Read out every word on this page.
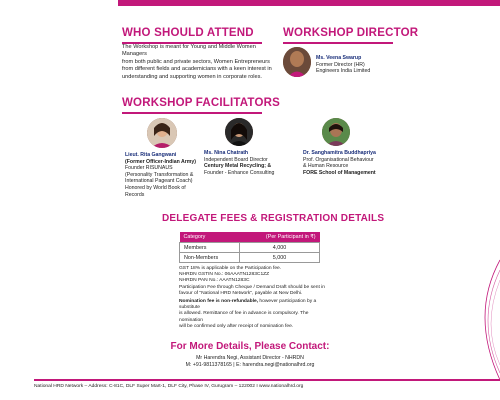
WHO SHOULD ATTEND
The Workshop is meant for Young and Middle Women Managers
from both public and private sectors, Women Entrepreneurs
from different fields and academicians with a keen interest in
understanding and supporting women in corporate roles.
WORKSHOP DIRECTOR
Ms. Veena Swarup
Former Director (HR)
Engineers India Limited
WORKSHOP FACILITATORS
Lieut. Rita Gangwani
(Former Officer-Indian Army)
Founder RISUNAUS
(Personality Transformation &
International Pageant Coach)
Honored by World Book of Records
Ms. Nina Chatrath
Independent Board Director
Century Metal Recycling; &
Founder - Enhance Consulting
Dr. Sanghamitra Buddhapriya
Prof. Organisational Behaviour
& Human Resource
FORE School of Management
DELEGATE FEES & REGISTRATION DETAILS
Category	(Per Participant in ₹)
Members	4,000
Non-Members	5,000
GST 18% is applicable on the Participation fee.
NHRDN GSTIN No.: 06AAATN1283C1ZZ
NHRDN PAN No.: AAATN1283C
Participation Fee through Cheque / Demand Draft should be sent in
favour of "National HRD Network", payable at New Delhi.
Nomination fee is non-refundable, however participation by a substitute
is allowed. Remittance of fee in advance is compulsory. The nomination
will be confirmed only after receipt of nomination fee.
For More Details, Please Contact:
Mr Harendra Negi, Assistant Director - NHRDN
M: +91-9811378165 | E: harendra.negi@nationalhrd.org
National HRD Network – Address: C-81C, DLF Super Mart-1, DLF City, Phase IV, Gurugram – 122002 I www.nationalhrd.org
